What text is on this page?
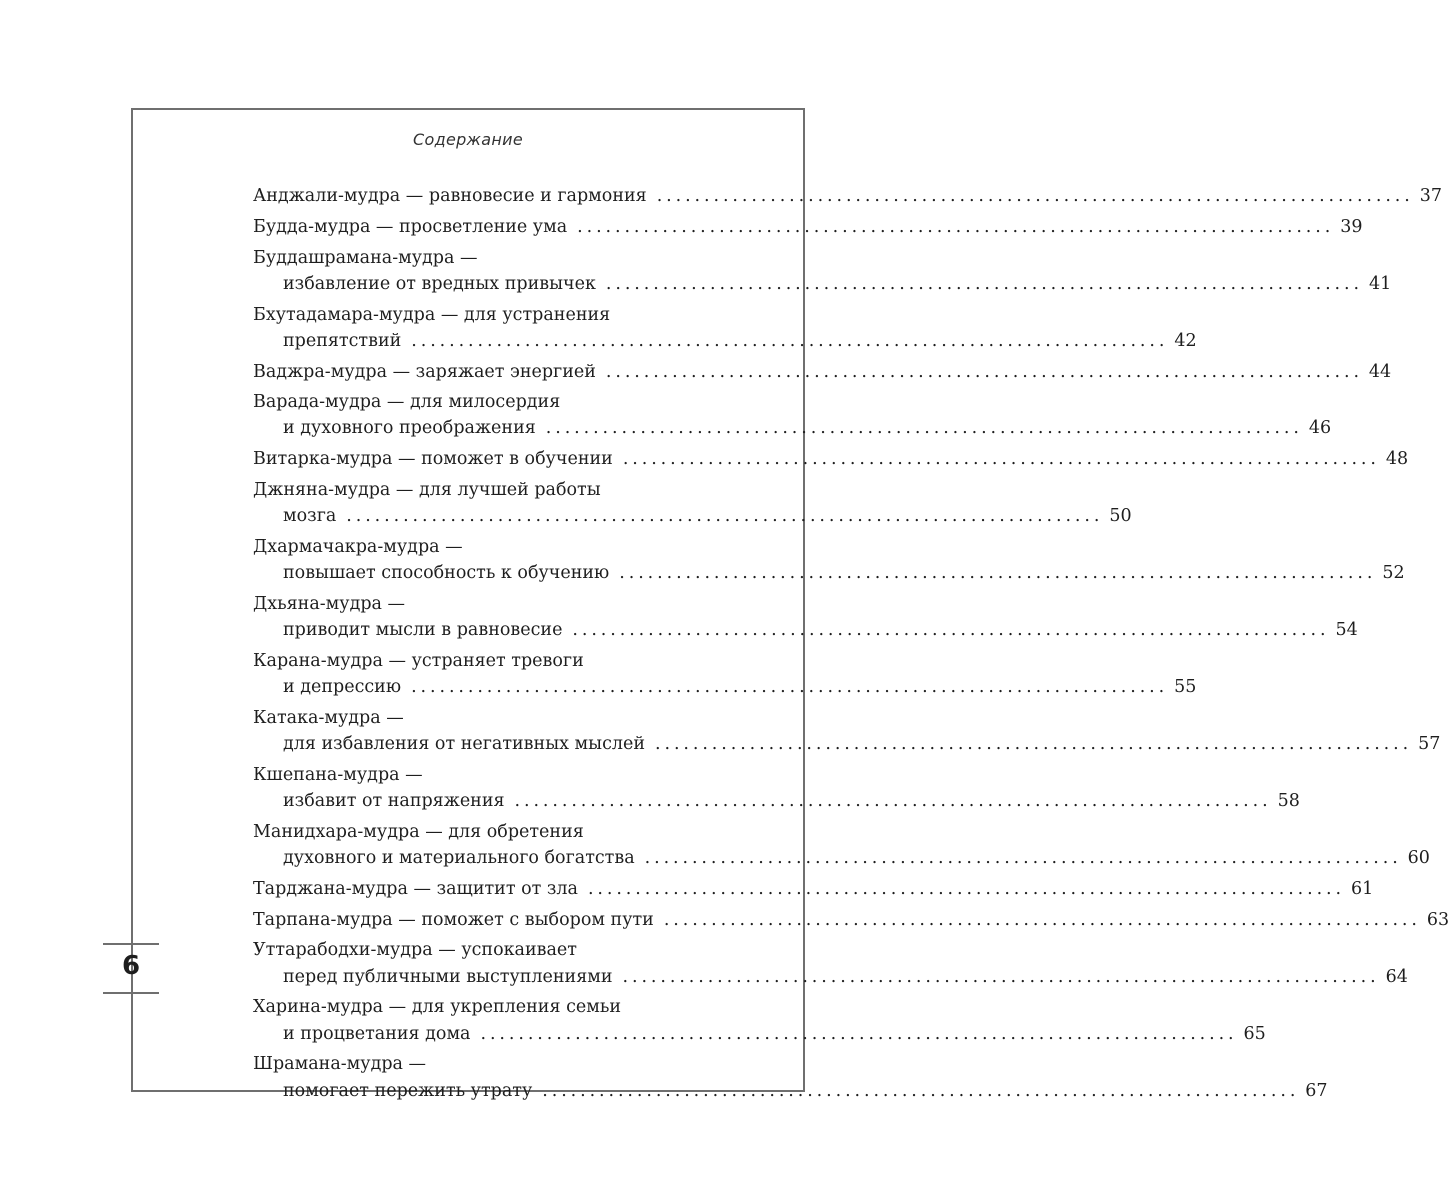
Содержание
Анджали-мудра — равновесие и гармония ................................................................................ 37
Будда-мудра — просветление ума ................................................................................ 39
Буддашрамана-мудра —
избавление от вредных привычек ................................................................................ 41
Бхутадамара-мудра — для устранения
препятствий ................................................................................ 42
Ваджра-мудра — заряжает энергией ................................................................................ 44
Варада-мудра — для милосердия
и духовного преображения ................................................................................ 46
Витарка-мудра — поможет в обучении ................................................................................ 48
Джняна-мудра — для лучшей работы
мозга ................................................................................ 50
Дхармачакра-мудра —
повышает способность к обучению ................................................................................ 52
Дхьяна-мудра —
приводит мысли в равновесие ................................................................................ 54
Карана-мудра — устраняет тревоги
и депрессию ................................................................................ 55
Катака-мудра —
для избавления от негативных мыслей ................................................................................ 57
Кшепана-мудра —
избавит от напряжения ................................................................................ 58
Манидхара-мудра — для обретения
духовного и материального богатства ................................................................................ 60
Тарджана-мудра — защитит от зла ................................................................................ 61
Тарпана-мудра — поможет с выбором пути ................................................................................ 63
Уттарабодхи-мудра — успокаивает
перед публичными выступлениями ................................................................................ 64
Харина-мудра — для укрепления семьи
и процветания дома ................................................................................ 65
Шрамана-мудра —
помогает пережить утрату ................................................................................ 67
6
